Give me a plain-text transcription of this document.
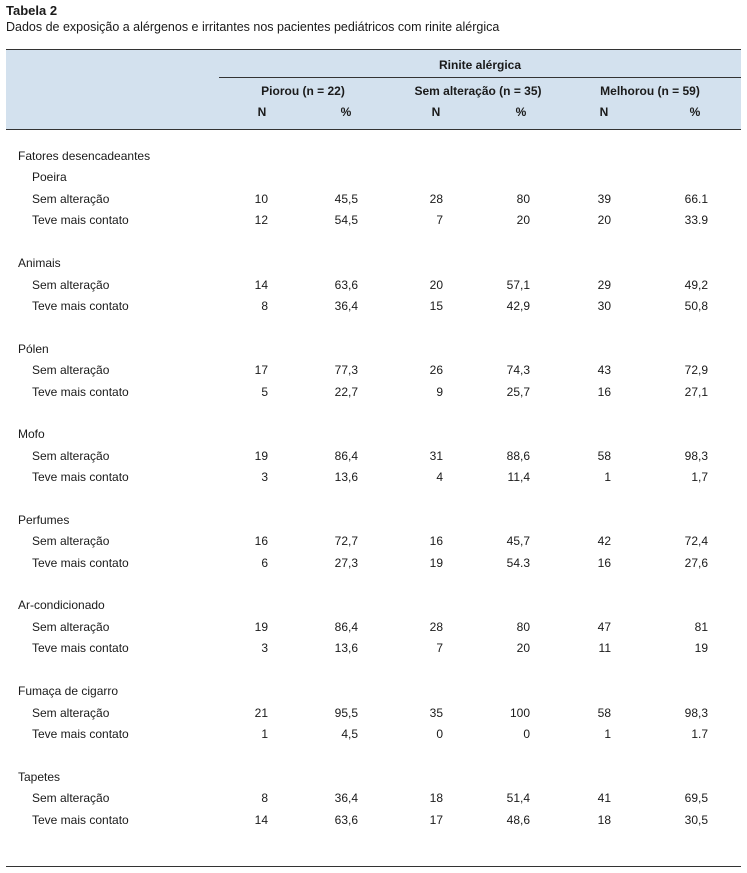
Tabela 2
Dados de exposição a alérgenos e irritantes nos pacientes pediátricos com rinite alérgica
Rinite alérgica
Piorou (n = 22)	Sem alteração (n = 35)	Melhorou (n = 59)
N	%	N	%	N	%
Fatores desencadeantes
Poeira
Sem alteração	10	45,5	28	80	39	66.1
Teve mais contato	12	54,5	7	20	20	33.9
Animais
Sem alteração	14	63,6	20	57,1	29	49,2
Teve mais contato	8	36,4	15	42,9	30	50,8
Pólen
Sem alteração	17	77,3	26	74,3	43	72,9
Teve mais contato	5	22,7	9	25,7	16	27,1
Mofo
Sem alteração	19	86,4	31	88,6	58	98,3
Teve mais contato	3	13,6	4	11,4	1	1,7
Perfumes
Sem alteração	16	72,7	16	45,7	42	72,4
Teve mais contato	6	27,3	19	54.3	16	27,6
Ar-condicionado
Sem alteração	19	86,4	28	80	47	81
Teve mais contato	3	13,6	7	20	11	19
Fumaça de cigarro
Sem alteração	21	95,5	35	100	58	98,3
Teve mais contato	1	4,5	0	0	1	1.7
Tapetes
Sem alteração	8	36,4	18	51,4	41	69,5
Teve mais contato	14	63,6	17	48,6	18	30,5
